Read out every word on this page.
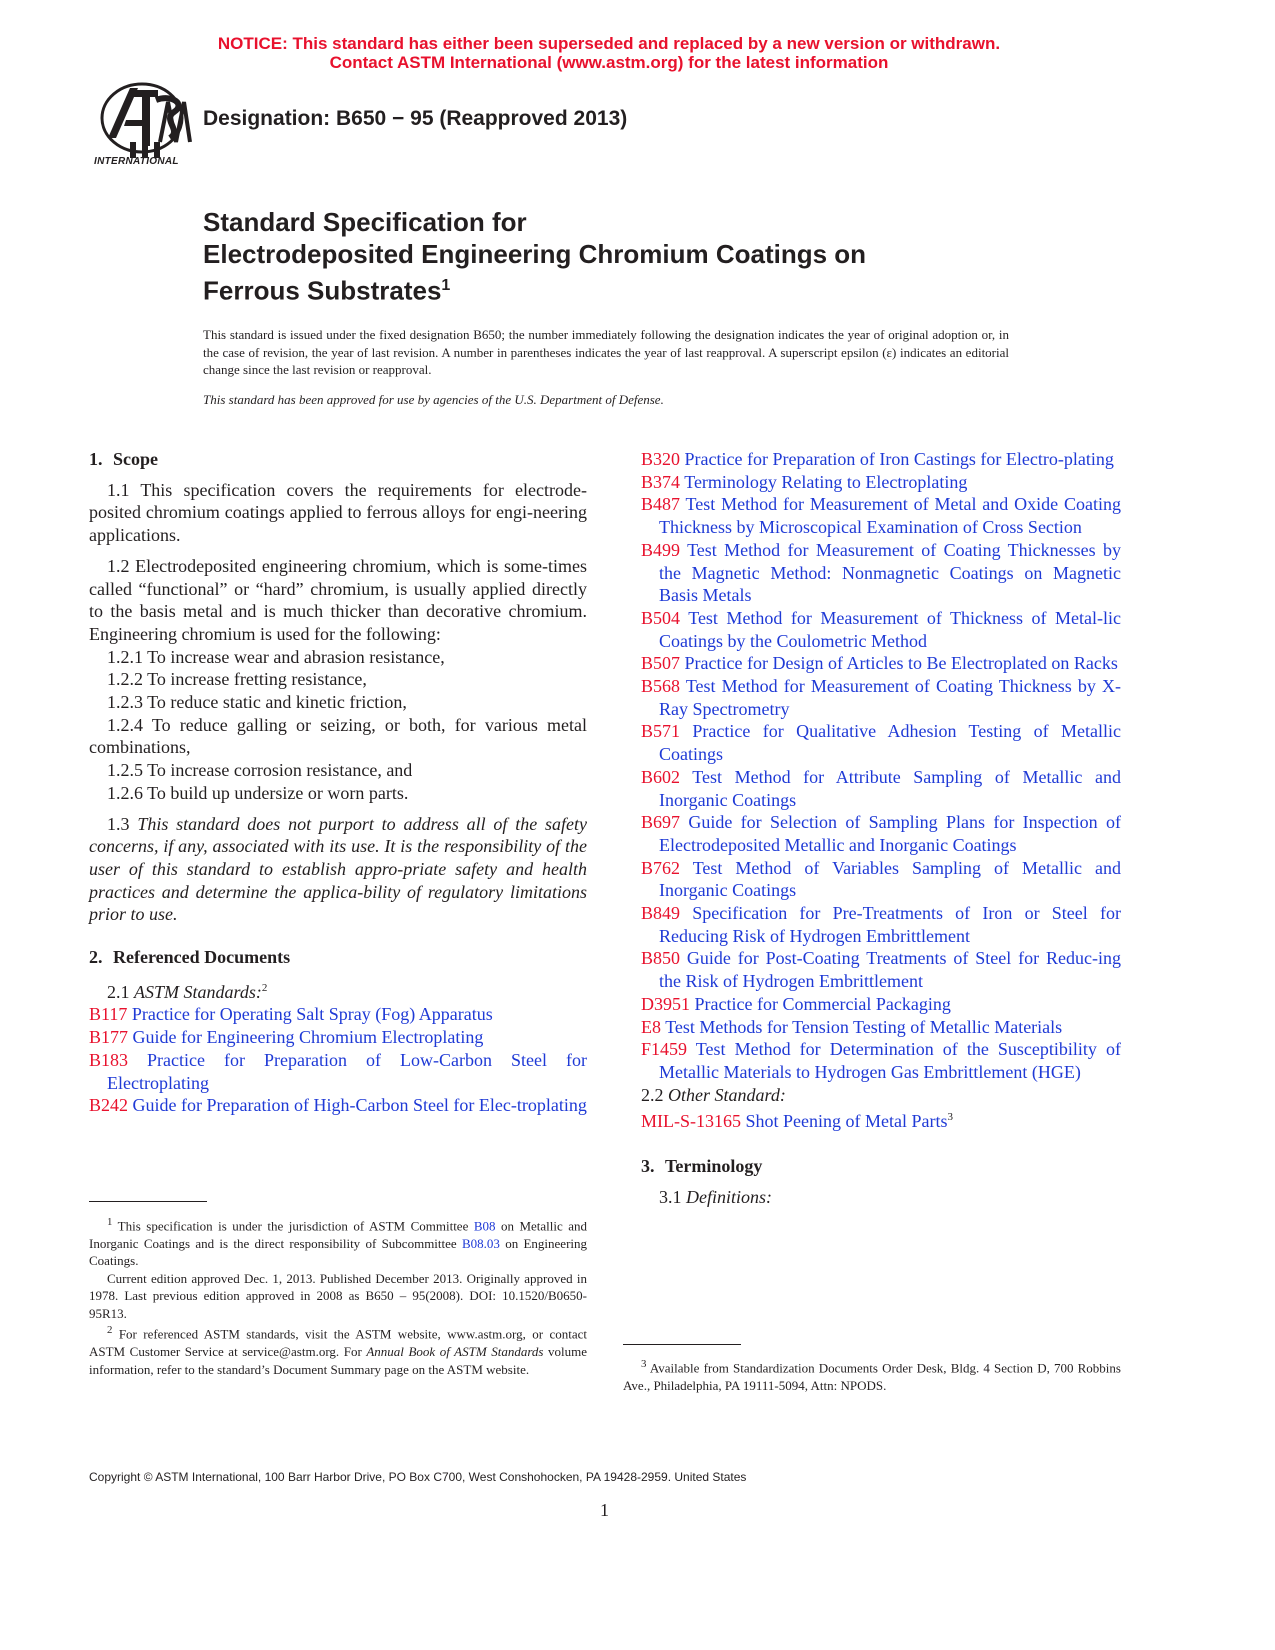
NOTICE: This standard has either been superseded and replaced by a new version or withdrawn.
Contact ASTM International (www.astm.org) for the latest information
INTERNATIONAL
Designation: B650 − 95 (Reapproved 2013)
Standard Specification for
Electrodeposited Engineering Chromium Coatings on
Ferrous Substrates$^1$

This standard is issued under the fixed designation B650; the number immediately following the designation indicates the year of original adoption or, in the case of revision, the year of last revision. A number in parentheses indicates the year of last reapproval. A superscript epsilon (ε) indicates an editorial change since the last revision or reapproval.

This standard has been approved for use by agencies of the U.S. Department of Defense.
1. Scope

1.1 This specification covers the requirements for electrode-posited chromium coatings applied to ferrous alloys for engi-neering applications.

1.2 Electrodeposited engineering chromium, which is some-times called “functional” or “hard” chromium, is usually applied directly to the basis metal and is much thicker than decorative chromium. Engineering chromium is used for the following:

1.2.1 To increase wear and abrasion resistance,

1.2.2 To increase fretting resistance,

1.2.3 To reduce static and kinetic friction,

1.2.4 To reduce galling or seizing, or both, for various metal combinations,

1.2.5 To increase corrosion resistance, and

1.2.6 To build up undersize or worn parts.

1.3 This standard does not purport to address all of the safety concerns, if any, associated with its use. It is the responsibility of the user of this standard to establish appro-priate safety and health practices and determine the applica-bility of regulatory limitations prior to use.

2. Referenced Documents

2.1 ASTM Standards:$^2$

B117 Practice for Operating Salt Spray (Fog) Apparatus

B177 Guide for Engineering Chromium Electroplating

B183 Practice for Preparation of Low-Carbon Steel for Electroplating

B242 Guide for Preparation of High-Carbon Steel for Elec-troplating

B320 Practice for Preparation of Iron Castings for Electro-plating

B374 Terminology Relating to Electroplating

B487 Test Method for Measurement of Metal and Oxide Coating Thickness by Microscopical Examination of Cross Section

B499 Test Method for Measurement of Coating Thicknesses by the Magnetic Method: Nonmagnetic Coatings on Magnetic Basis Metals

B504 Test Method for Measurement of Thickness of Metal-lic Coatings by the Coulometric Method

B507 Practice for Design of Articles to Be Electroplated on Racks

B568 Test Method for Measurement of Coating Thickness by X-Ray Spectrometry

B571 Practice for Qualitative Adhesion Testing of Metallic Coatings

B602 Test Method for Attribute Sampling of Metallic and Inorganic Coatings

B697 Guide for Selection of Sampling Plans for Inspection of Electrodeposited Metallic and Inorganic Coatings

B762 Test Method of Variables Sampling of Metallic and Inorganic Coatings

B849 Specification for Pre-Treatments of Iron or Steel for Reducing Risk of Hydrogen Embrittlement

B850 Guide for Post-Coating Treatments of Steel for Reduc-ing the Risk of Hydrogen Embrittlement

D3951 Practice for Commercial Packaging

E8 Test Methods for Tension Testing of Metallic Materials

F1459 Test Method for Determination of the Susceptibility of Metallic Materials to Hydrogen Gas Embrittlement (HGE)

2.2 Other Standard:

MIL-S-13165 Shot Peening of Metal Parts$^3$

3. Terminology

3.1 Definitions:

$^1$ This specification is under the jurisdiction of ASTM Committee B08 on Metallic and Inorganic Coatings and is the direct responsibility of Subcommittee B08.03 on Engineering Coatings.

Current edition approved Dec. 1, 2013. Published December 2013. Originally approved in 1978. Last previous edition approved in 2008 as B650 – 95(2008). DOI: 10.1520/B0650-95R13.

$^2$ For referenced ASTM standards, visit the ASTM website, www.astm.org, or contact ASTM Customer Service at service@astm.org. For Annual Book of ASTM Standards volume information, refer to the standard’s Document Summary page on the ASTM website.	$^3$ Available from Standardization Documents Order Desk, Bldg. 4 Section D, 700 Robbins Ave., Philadelphia, PA 19111-5094, Attn: NPODS.

Copyright © ASTM International, 100 Barr Harbor Drive, PO Box C700, West Conshohocken, PA 19428-2959. United States
1
